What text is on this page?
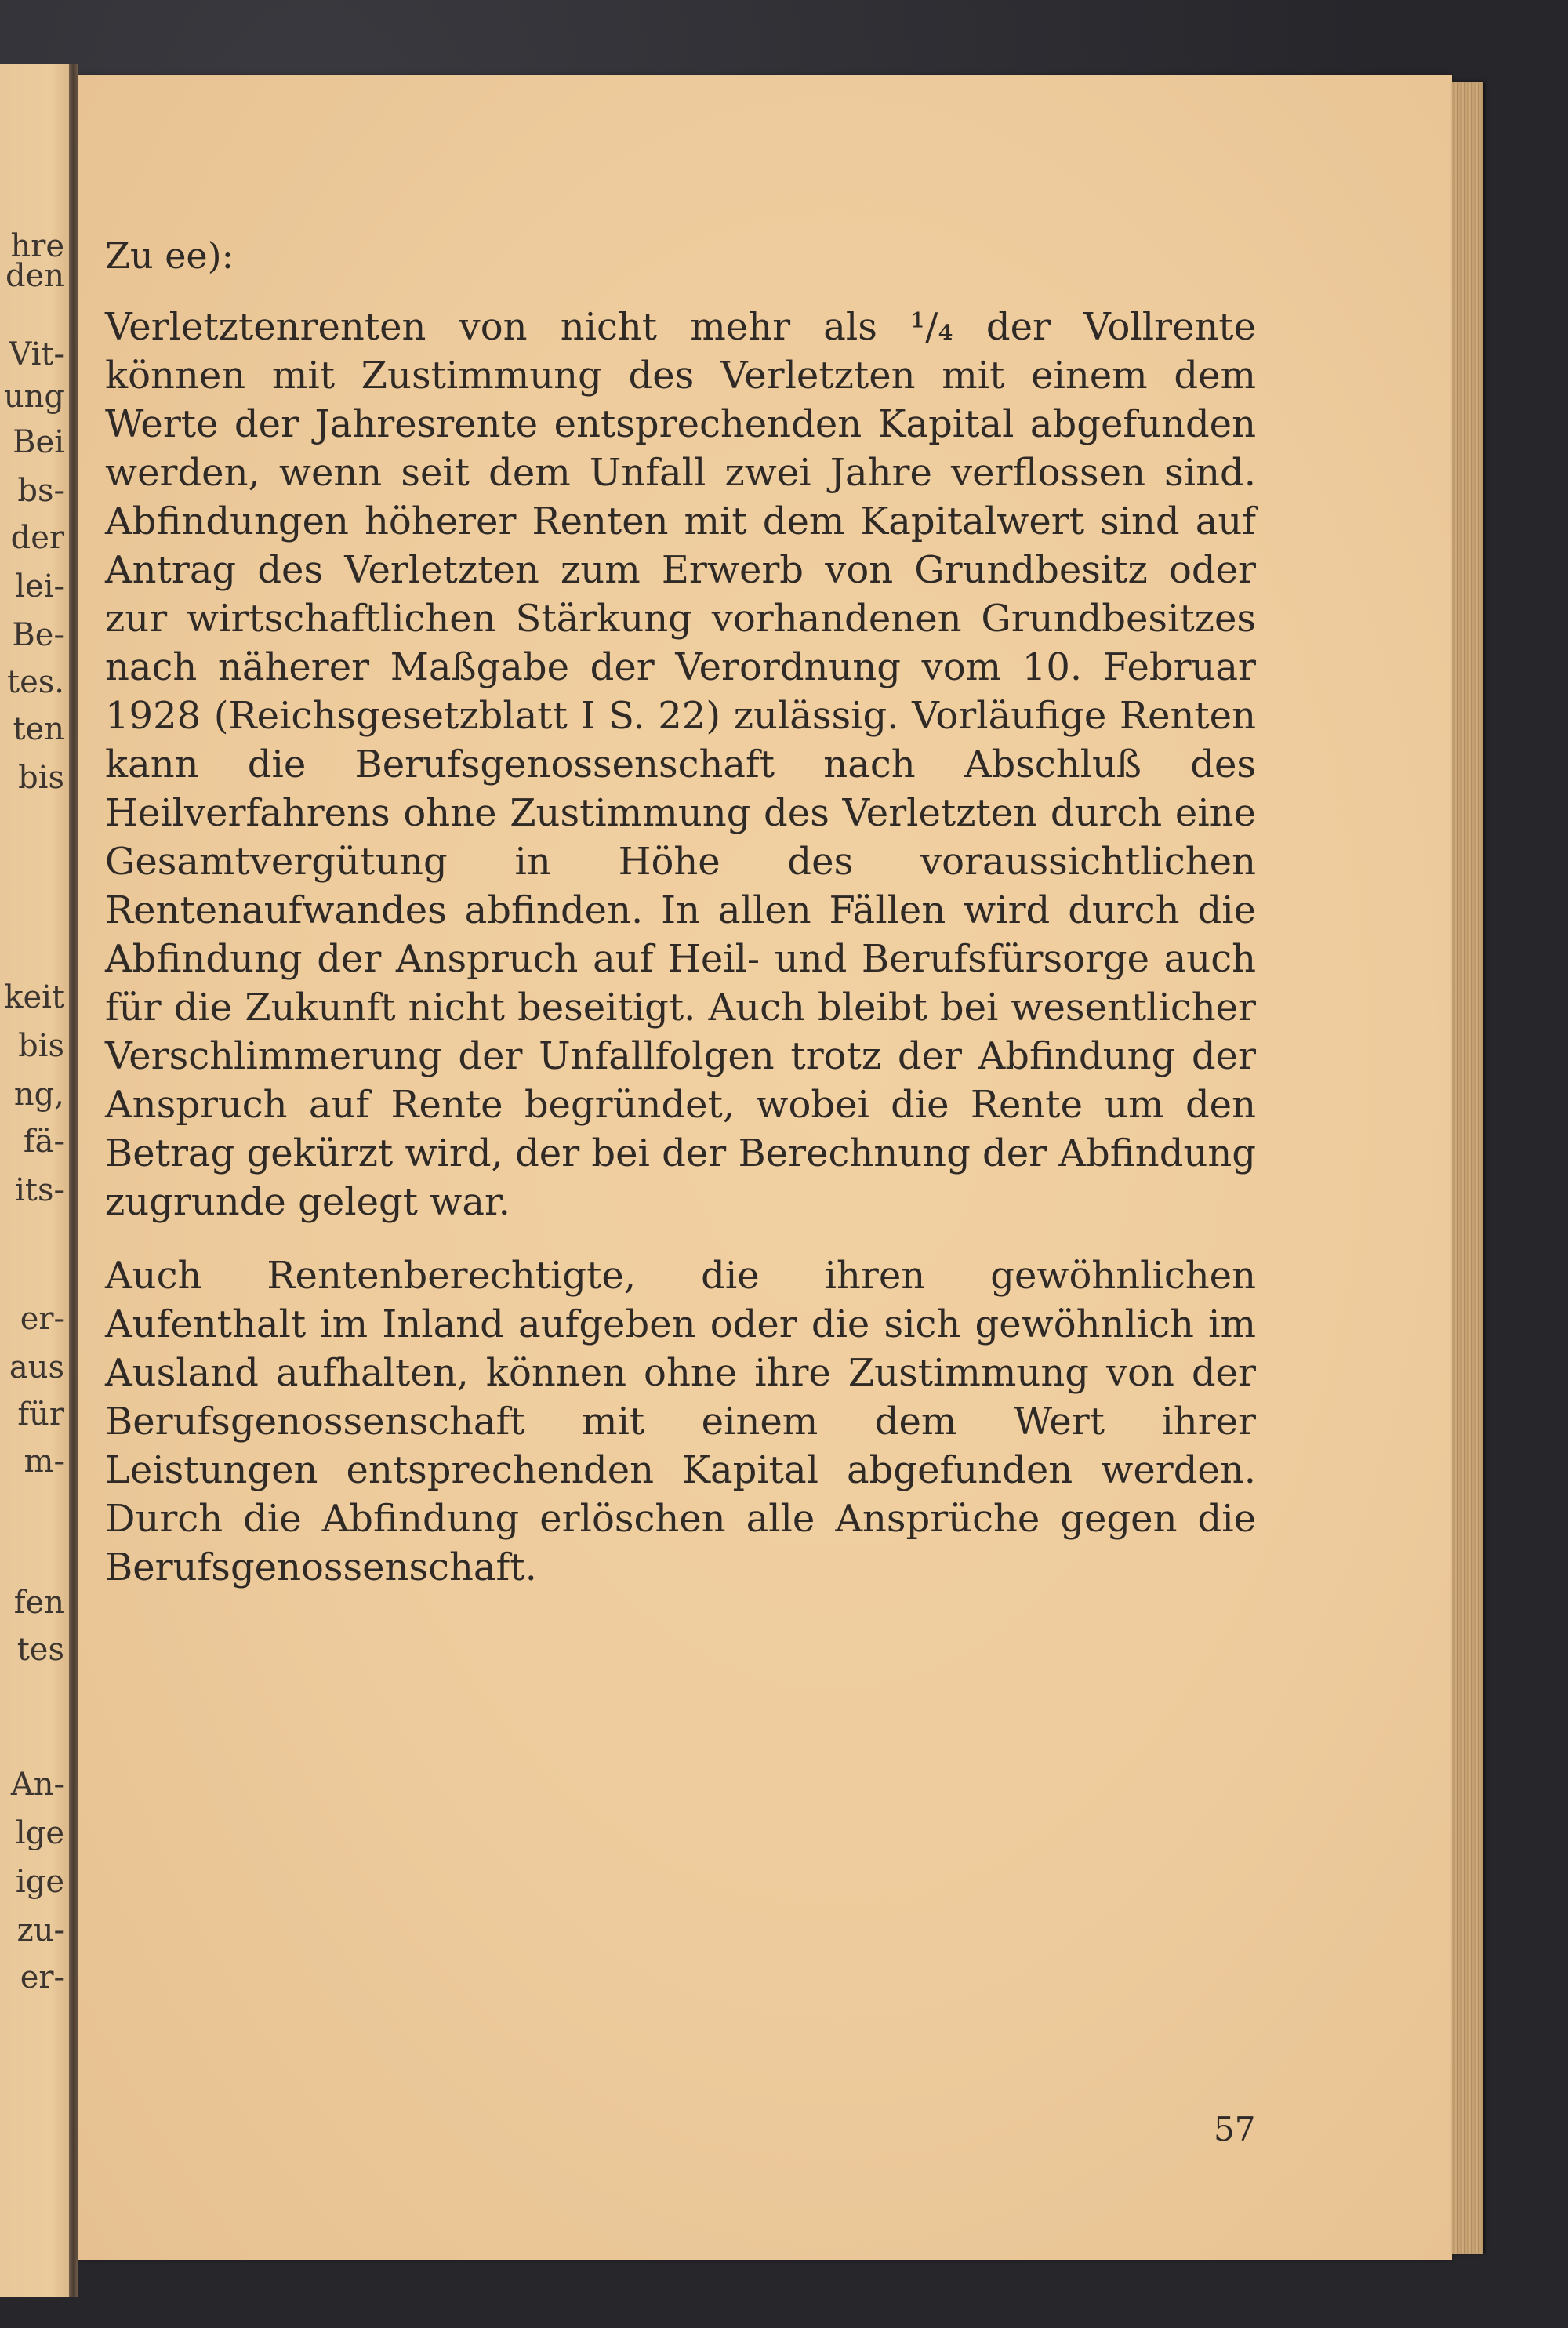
hre
den
Vit-
ung
Bei
bs-
der
lei-
Be-
tes.
ten
bis
keit
bis
ng,
fä-
its-
er-
aus
für
m-
fen
tes
An-
lge
ige
zu-
er-

Zu ee):

Verletztenrenten von nicht mehr als ¹/₄ der Vollrente können mit Zustimmung des Verletzten mit einem dem Werte der Jahresrente entsprechenden Kapital abgefunden werden, wenn seit dem Unfall zwei Jahre verflossen sind. Abfindungen höherer Renten mit dem Kapitalwert sind auf Antrag des Verletzten zum Erwerb von Grundbesitz oder zur wirtschaftlichen Stärkung vorhandenen Grundbesitzes nach näherer Maßgabe der Verordnung vom 10. Februar 1928 (Reichsgesetzblatt I S. 22) zulässig. Vorläufige Renten kann die Berufsgenossenschaft nach Abschluß des Heilverfahrens ohne Zustimmung des Verletzten durch eine Gesamtvergütung in Höhe des voraussichtlichen Rentenaufwandes abfinden. In allen Fällen wird durch die Abfindung der Anspruch auf Heil- und Berufsfürsorge auch für die Zukunft nicht beseitigt. Auch bleibt bei wesentlicher Verschlimmerung der Unfallfolgen trotz der Abfindung der Anspruch auf Rente begründet, wobei die Rente um den Betrag gekürzt wird, der bei der Berechnung der Abfindung zugrunde gelegt war.

Auch Rentenberechtigte, die ihren gewöhnlichen Aufenthalt im Inland aufgeben oder die sich gewöhnlich im Ausland aufhalten, können ohne ihre Zustimmung von der Berufsgenossenschaft mit einem dem Wert ihrer Leistungen entsprechenden Kapital abgefunden werden. Durch die Abfindung erlöschen alle Ansprüche gegen die Berufsgenossenschaft.

57
